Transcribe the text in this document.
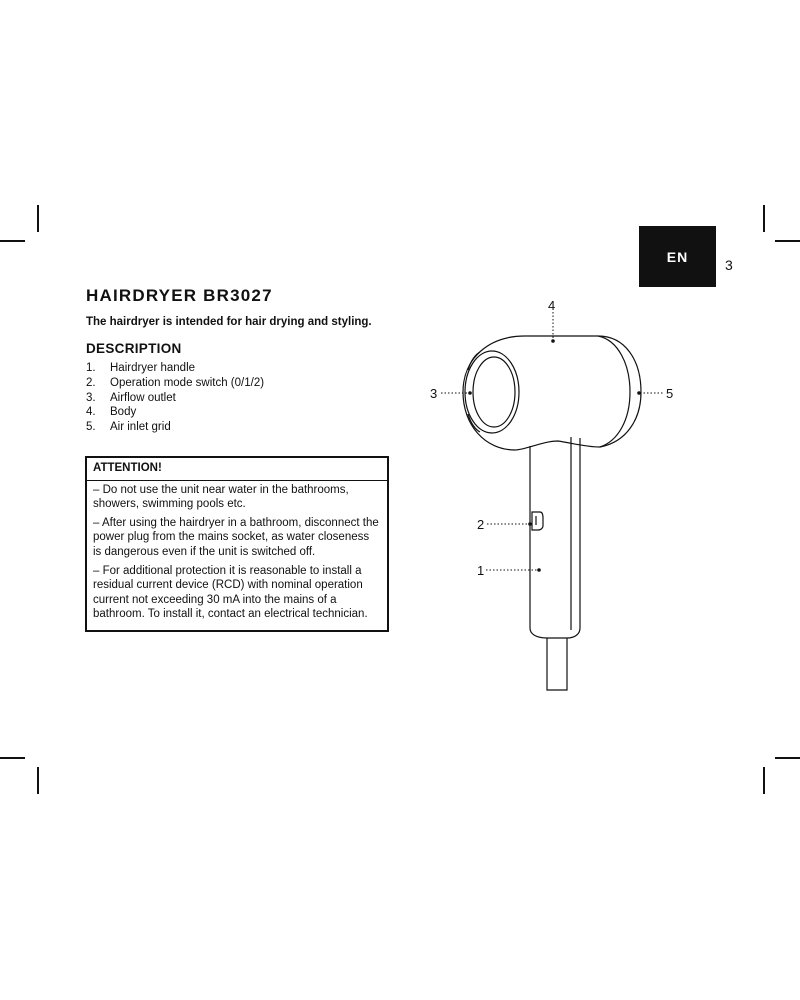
EN
3
HAIRDRYER BR3027

The hairdryer is intended for hair drying and styling.

DESCRIPTION
1.	Hairdryer handle
2.	Operation mode switch (0/1/2)
3.	Airflow outlet
4.	Body
5.	Air inlet grid

ATTENTION!

– Do not use the unit near water in the bathrooms, showers, swimming pools etc.

– After using the hairdryer in a bathroom, disconnect the power plug from the mains socket, as water closeness is dangerous even if the unit is switched off.

– For additional protection it is reasonable to install a residual current device (RCD) with nominal operation current not exceeding 30 mA into the mains of a bathroom. To install it, contact an electrical technician.

1
2
3
4
5
